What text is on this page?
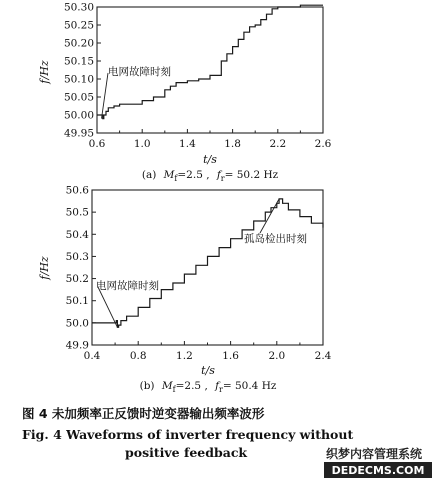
0.6	1.0	1.4	1.8	2.2	2.6
49.95
50.00
50.05
50.10
50.15
50.20
50.25
50.30
电网故障时刻
f/Hz
t/s
(a) $M_f=2.5$ , $f_r= 50.2$ Hz
0.4	0.8	1.2	1.6	2.0	2.4
49.9
50.0
50.1
50.2
50.3
50.4
50.5
50.6
电网故障时刻
孤岛检出时刻
f/Hz
t/s
(b) $M_f=2.5$ , $f_r= 50.4$ Hz
图 4 未加频率正反馈时逆变器输出频率波形
Fig. 4 Waveforms of inverter frequency without
positive feedback	织梦内容管理系统
DEDECMS.COM
